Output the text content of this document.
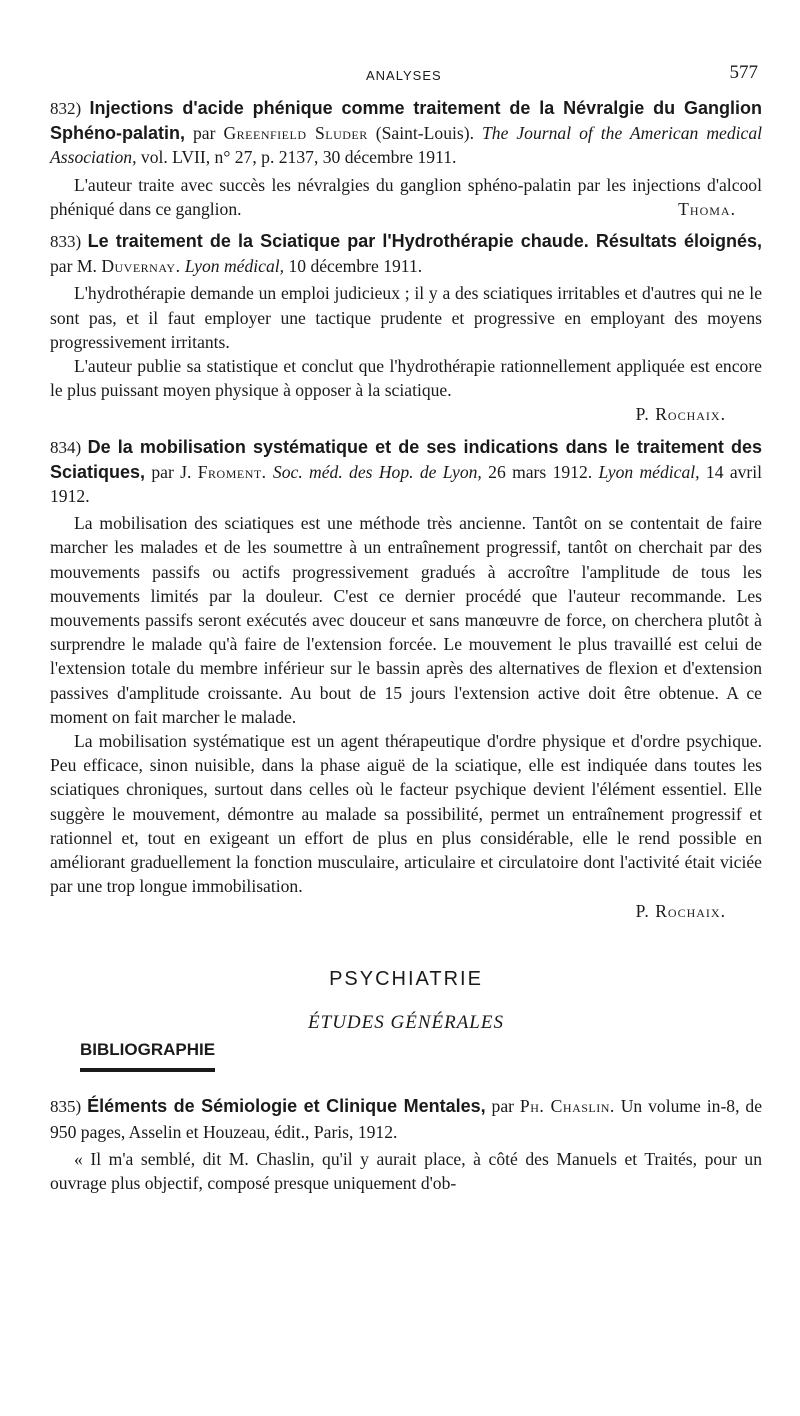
ANALYSES	577

832) Injections d'acide phénique comme traitement de la Névralgie du Ganglion Sphéno-palatin, par Greenfield Sluder (Saint-Louis). The Journal of the American medical Association, vol. LVII, n° 27, p. 2137, 30 décembre 1911.

L'auteur traite avec succès les névralgies du ganglion sphéno-palatin par les injections d'alcool phéniqué dans ce ganglion.	Thoma.

833) Le traitement de la Sciatique par l'Hydrothérapie chaude. Résultats éloignés, par M. Duvernay. Lyon médical, 10 décembre 1911.

L'hydrothérapie demande un emploi judicieux ; il y a des sciatiques irritables et d'autres qui ne le sont pas, et il faut employer une tactique prudente et progressive en employant des moyens progressivement irritants.

L'auteur publie sa statistique et conclut que l'hydrothérapie rationnellement appliquée est encore le plus puissant moyen physique à opposer à la sciatique.

P. Rochaix.

834) De la mobilisation systématique et de ses indications dans le traitement des Sciatiques, par J. Froment. Soc. méd. des Hop. de Lyon, 26 mars 1912. Lyon médical, 14 avril 1912.

La mobilisation des sciatiques est une méthode très ancienne. Tantôt on se contentait de faire marcher les malades et de les soumettre à un entraînement progressif, tantôt on cherchait par des mouvements passifs ou actifs progressivement gradués à accroître l'amplitude de tous les mouvements limités par la douleur. C'est ce dernier procédé que l'auteur recommande. Les mouvements passifs seront exécutés avec douceur et sans manœuvre de force, on cherchera plutôt à surprendre le malade qu'à faire de l'extension forcée. Le mouvement le plus travaillé est celui de l'extension totale du membre inférieur sur le bassin après des alternatives de flexion et d'extension passives d'amplitude croissante. Au bout de 15 jours l'extension active doit être obtenue. A ce moment on fait marcher le malade.

La mobilisation systématique est un agent thérapeutique d'ordre physique et d'ordre psychique. Peu efficace, sinon nuisible, dans la phase aiguë de la sciatique, elle est indiquée dans toutes les sciatiques chroniques, surtout dans celles où le facteur psychique devient l'élément essentiel. Elle suggère le mouvement, démontre au malade sa possibilité, permet un entraînement progressif et rationnel et, tout en exigeant un effort de plus en plus considérable, elle le rend possible en améliorant graduellement la fonction musculaire, articulaire et circulatoire dont l'activité était viciée par une trop longue immobilisation.

P. Rochaix.

PSYCHIATRIE
ÉTUDES GÉNÉRALES
BIBLIOGRAPHIE

835) Éléments de Sémiologie et Clinique Mentales, par Ph. Chaslin. Un volume in-8, de 950 pages, Asselin et Houzeau, édit., Paris, 1912.

« Il m'a semblé, dit M. Chaslin, qu'il y aurait place, à côté des Manuels et Traités, pour un ouvrage plus objectif, composé presque uniquement d'ob-
